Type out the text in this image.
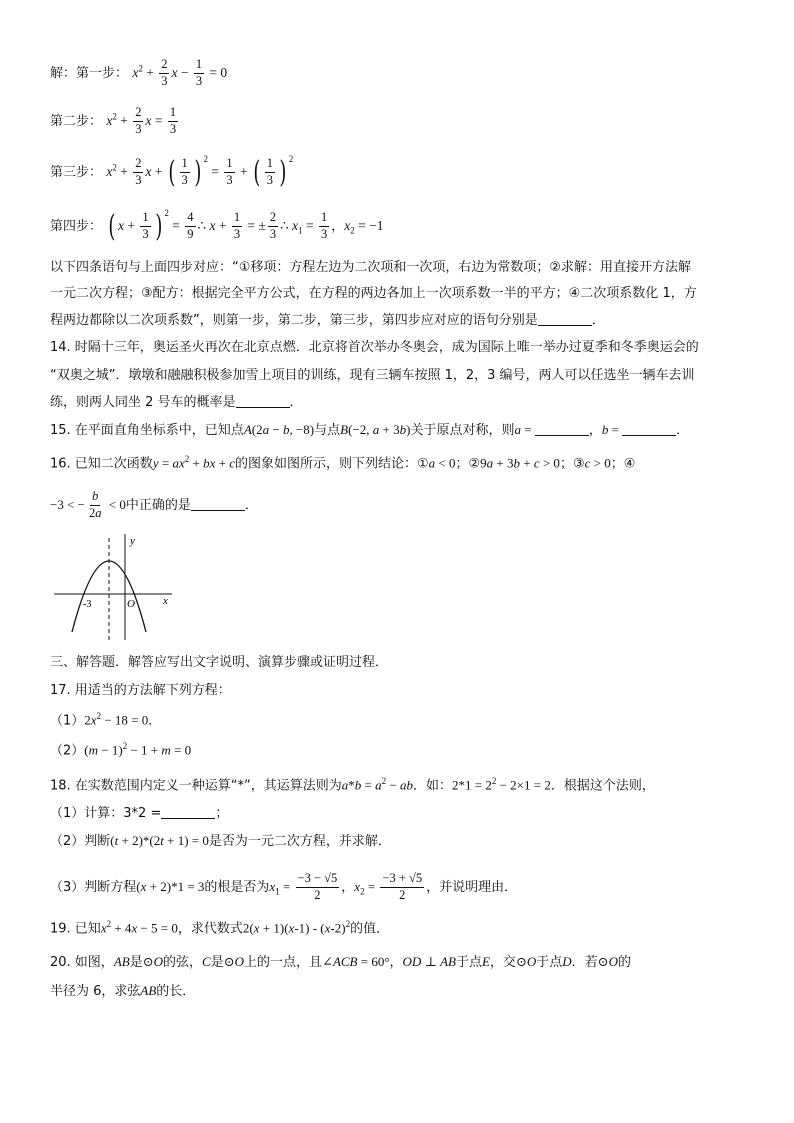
解：第一步： $x^2 + \frac{2}{3}$ $x - \frac{1}{3} = 0$
第二步： $x^2 + \frac{2}{3}$ $x = \frac{1}{3}$
第三步： $x^2 + \frac{2}{3}$ x + ( $\frac{1}{3}$ ) $^2 = \frac{1}{3}$ + ( $\frac{1}{3}$ ) $^2$
第四步： ( $x + \frac{1}{3}$ ) $^2 = \frac{4}{9}$ ∴ $x + \frac{1}{3}$ = ± $\frac{2}{3}$ ∴ $x_1 = \frac{1}{3}$ ，$x_2 = -1$
以下四条语句与上面四步对应：“①移项：方程左边为二次项和一次项，右边为常数项；②求解：用直接开方法解
一元二次方程；③配方：根据完全平方公式，在方程的两边各加上一次项系数一半的平方；④二次项系数化 1，方
程两边都除以二次项系数”，则第一步，第二步，第三步，第四步应对应的语句分别是	．
14. 时隔十三年，奥运圣火再次在北京点燃．北京将首次举办冬奥会，成为国际上唯一举办过夏季和冬季奥运会的
“双奥之城”．墩墩和融融积极参加雪上项目的训练，现有三辆车按照 1，2，3 编号，两人可以任选坐一辆车去训
练，则两人同坐 2 号车的概率是	．
15. 在平面直角坐标系中，已知点A(2a − b, −8)与点B(−2, a + 3b)关于原点对称，则a =	，b =	．
16. 已知二次函数$y = ax^2$ + bx + c的图象如图所示，则下列结论：①a < 0；②9a + 3b + c > 0；③c > 0；④
−3 < − $\frac{b}{2a} < 0$中正确的是	．
y
x
O
-3
三、解答题．解答应写出文字说明、演算步骤或证明过程．
17. 用适当的方法解下列方程：
$(1)2x^2 - 18 = 0$．
$(2)(m - 1)^2 - 1 + m = 0$
18. 在实数范围内定义一种运算“*”，其运算法则为$a*b = a^2$ − ab．如：$2*1 = 2^2 - 2\times 1 = 2$．根据这个法则，
（1）计算：3*2 =	；
（2）判断(t + 2)*(2t + 1) = 0是否为一元二次方程，并求解．
（3）判断方程(x + 2)*1 = 3的根是否为$x_1 = \frac{-3 - √5}{2}$ ，$x_2 = \frac{-3 + √5}{2}$ ，并说明理由．
19. 已知$x^2 + 4x - 5 = 0$，求代数式$2(x + 1)(x-1) - (x-2)^2$的值．
20. 如图，AB是⊙O的弦，C是⊙O上的一点，且∠ACB = 60°，OD ⊥ AB于点E，交⊙O于点D．若⊙O的
半径为 6，求弦AB的长．
